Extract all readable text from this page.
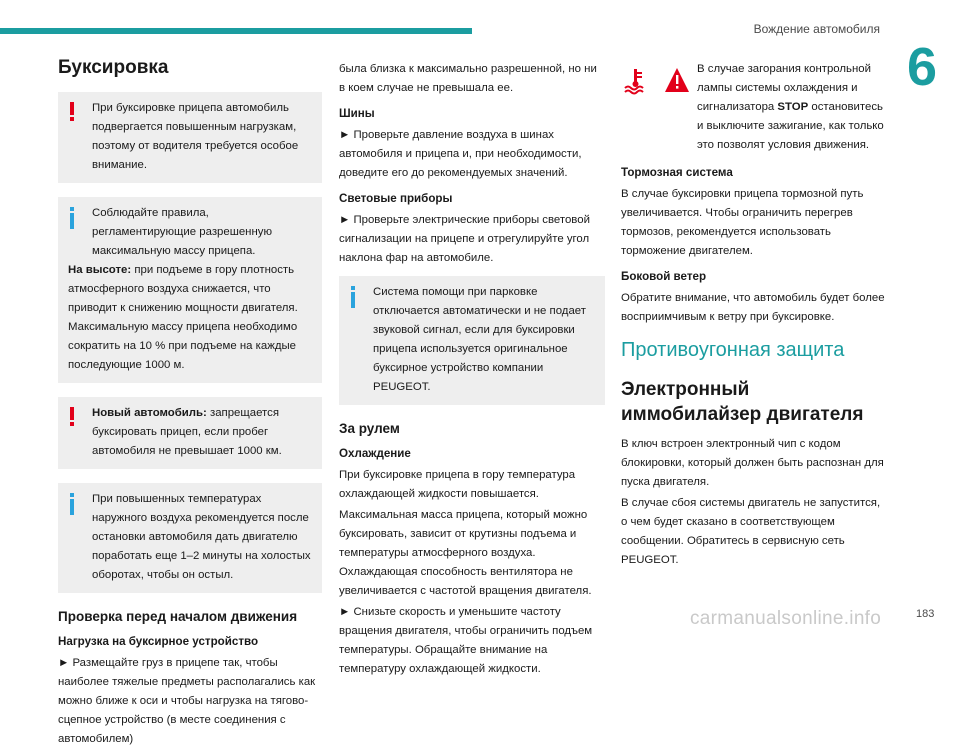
Вождение автомобиля
6
Буксировка

При буксировке прицепа автомобиль подвергается повышенным нагрузкам, поэтому от водителя требуется особое внимание.

Соблюдайте правила, регламентирующие разрешенную максимальную массу прицепа.

На высоте: при подъеме в гору плотность атмосферного воздуха снижается, что приводит к снижению мощности двигателя. Максимальную массу прицепа необходимо сократить на 10 % при подъеме на каждые последующие 1000 м.

Новый автомобиль: запрещается буксировать прицеп, если пробег автомобиля не превышает 1000 км.

При повышенных температурах наружного воздуха рекомендуется после остановки автомобиля дать двигателю поработать еще 1–2 минуты на холостых оборотах, чтобы он остыл.

Проверка перед началом движения
Нагрузка на буксирное устройство

► Размещайте груз в прицепе так, чтобы наиболее тяжелые предметы располагались как можно ближе к оси и чтобы нагрузка на тягово-сцепное устройство (в месте соединения с автомобилем)

была близка к максимально разрешенной, но ни в коем случае не превышала ее.

Шины

► Проверьте давление воздуха в шинах автомобиля и прицепа и, при необходимости, доведите его до рекомендуемых значений.

Световые приборы

► Проверьте электрические приборы световой сигнализации на прицепе и отрегулируйте угол наклона фар на автомобиле.

Система помощи при парковке отключается автоматически и не подает звуковой сигнал, если для буксировки прицепа используется оригинальное буксирное устройство компании PEUGEOT.

За рулем
Охлаждение

При буксировке прицепа в гору температура охлаждающей жидкости повышается.

Максимальная масса прицепа, который можно буксировать, зависит от крутизны подъема и температуры атмосферного воздуха. Охлаждающая способность вентилятора не увеличивается с частотой вращения двигателя.

► Снизьте скорость и уменьшите частоту вращения двигателя, чтобы ограничить подъем температуры. Обращайте внимание на температуру охлаждающей жидкости.

В случае загорания контрольной лампы системы охлаждения и сигнализатора STOP остановитесь и выключите зажигание, как только это позволят условия движения.

Тормозная система

В случае буксировки прицепа тормозной путь увеличивается. Чтобы ограничить перегрев тормозов, рекомендуется использовать торможение двигателем.

Боковой ветер

Обратите внимание, что автомобиль будет более восприимчивым к ветру при буксировке.

Противоугонная защита
Электронный иммобилайзер двигателя

В ключ встроен электронный чип с кодом блокировки, который должен быть распознан для пуска двигателя.

В случае сбоя системы двигатель не запустится, о чем будет сказано в соответствующем сообщении. Обратитесь в сервисную сеть PEUGEOT.

carmanualsonline.info	183
